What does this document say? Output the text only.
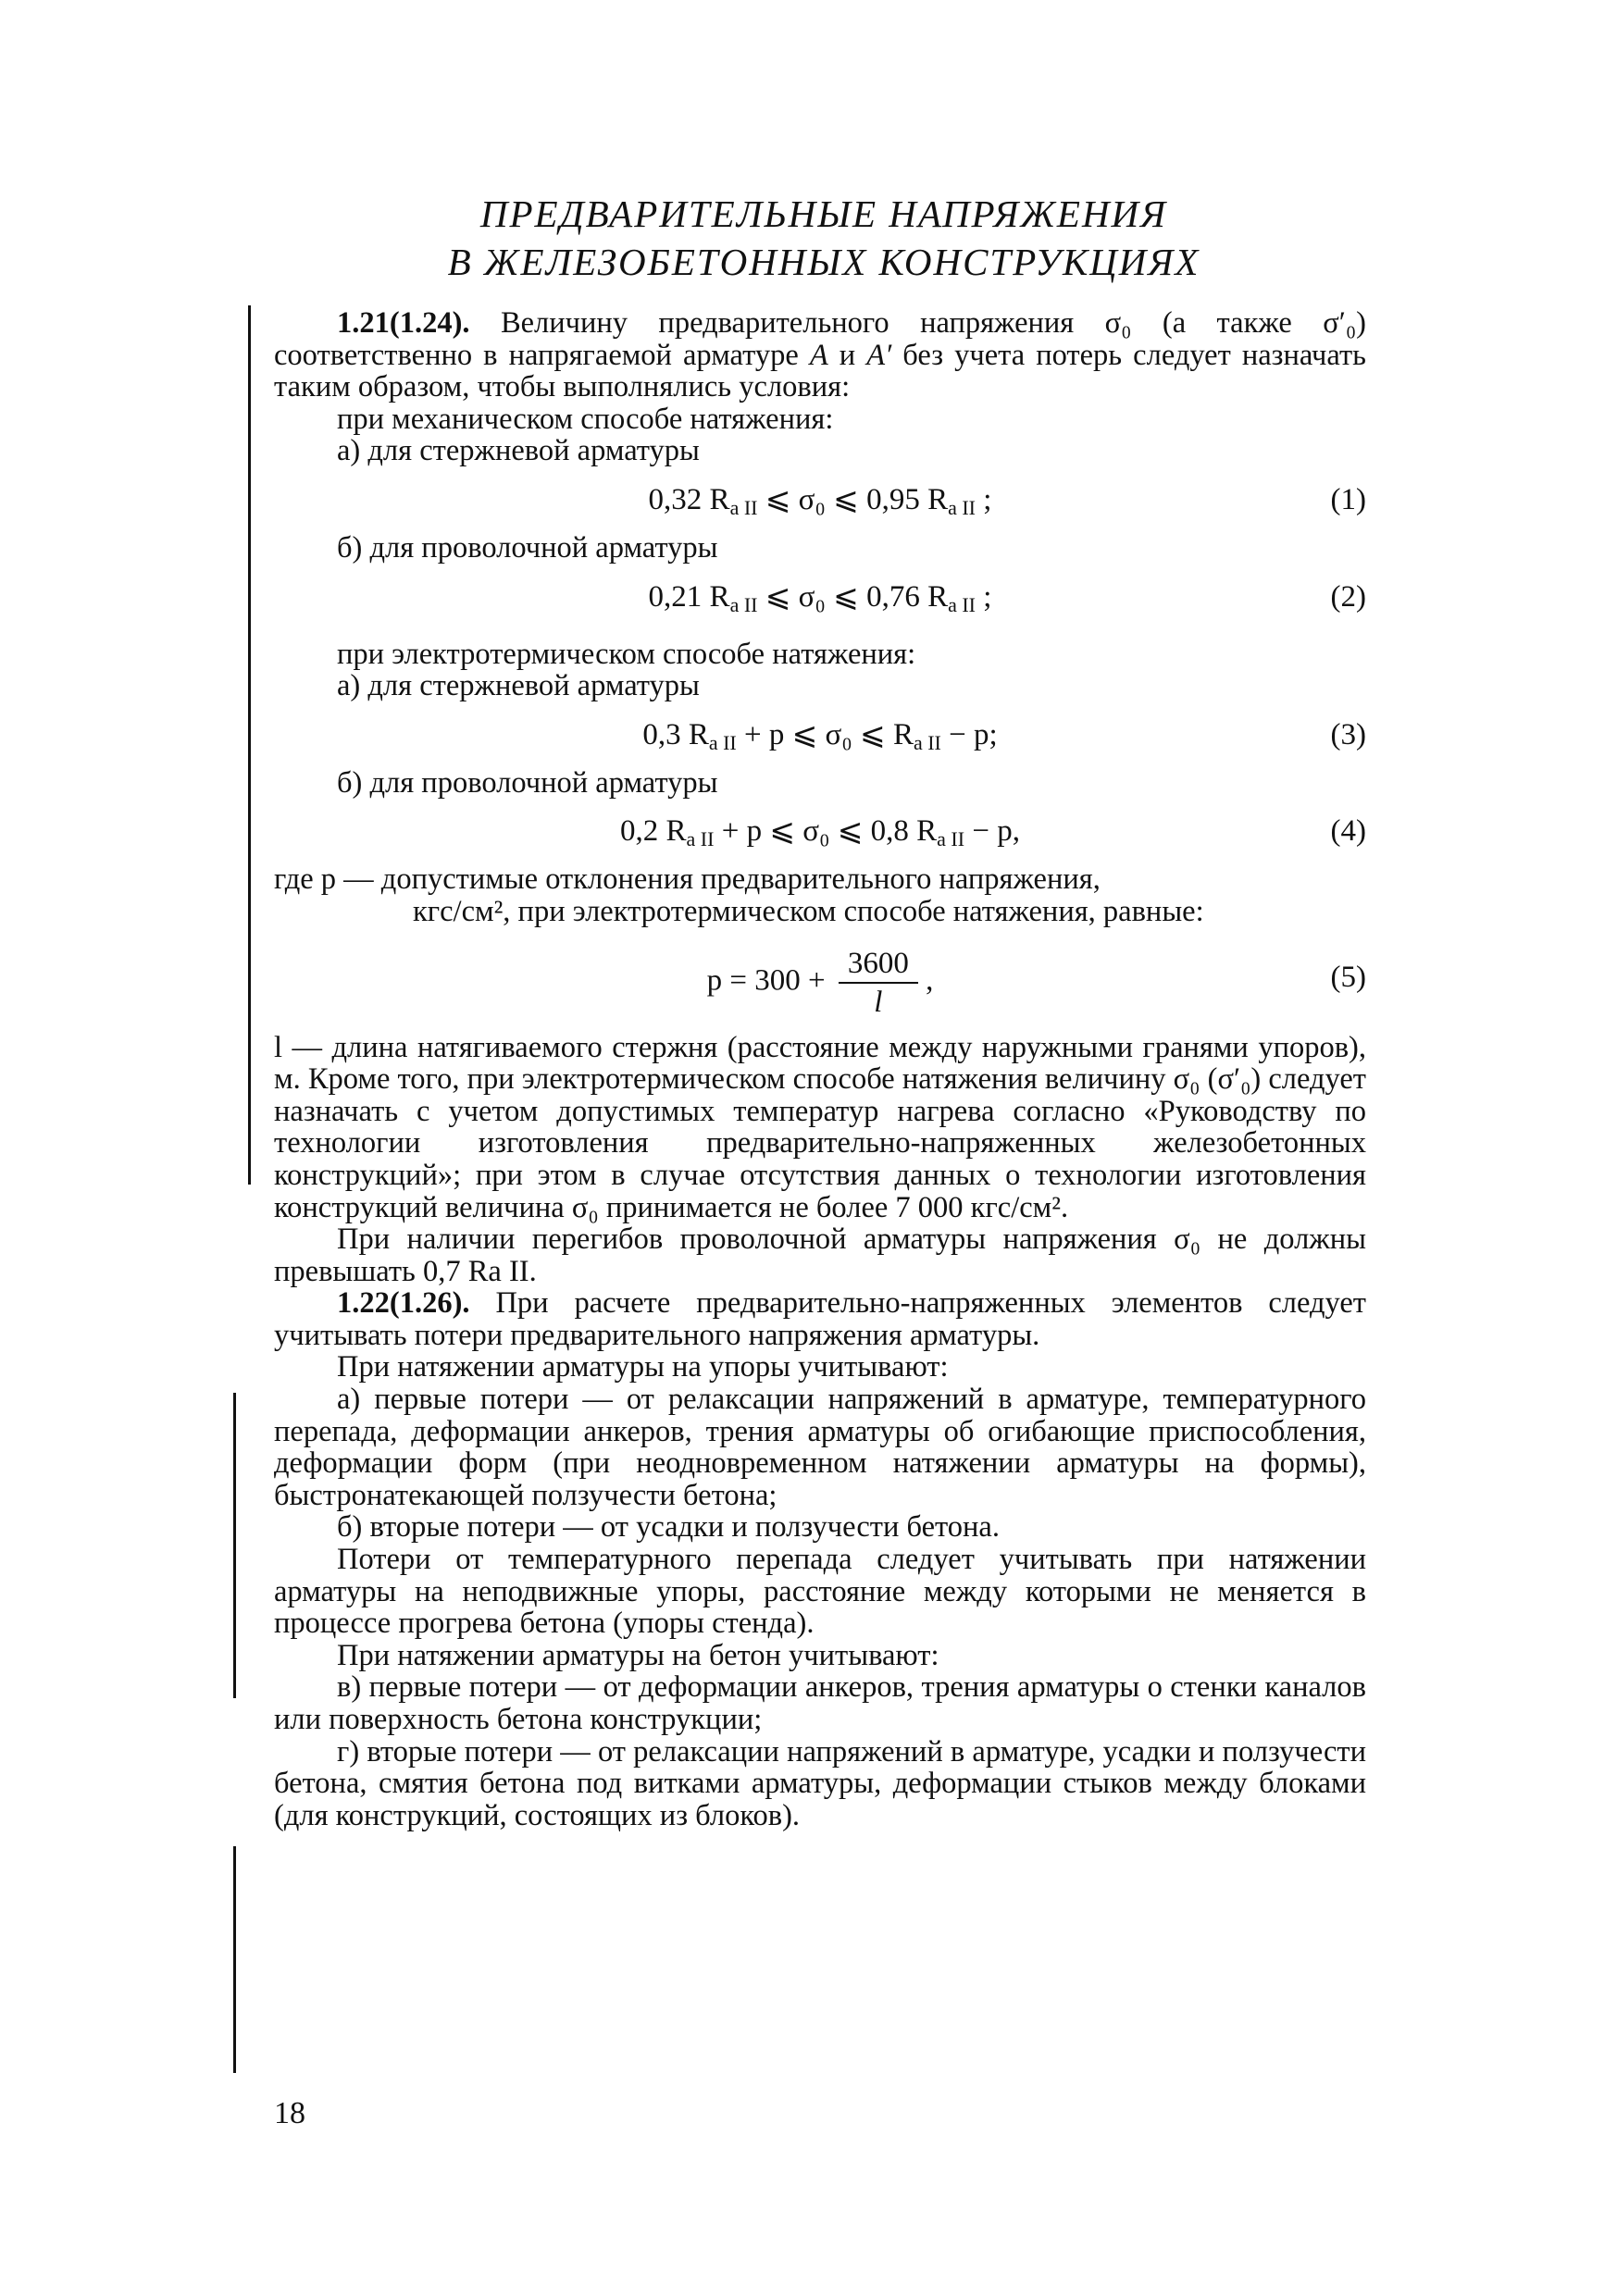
ПРЕДВАРИТЕЛЬНЫЕ НАПРЯЖЕНИЯ
В ЖЕЛЕЗОБЕТОННЫХ КОНСТРУКЦИЯХ

1.21(1.24). Величину предварительного напряжения σ₀ (а также σ′₀) соответственно в напрягаемой арматуре A и A′ без учета потерь следует назначать таким образом, чтобы выполнялись условия:

при механическом способе натяжения:

а) для стержневой арматуры

0,32 $R_{а II}$ ⩽ σ₀ ⩽ 0,95 $R_{а II}$ ;	(1)

б) для проволочной арматуры

0,21 $R_{а II}$ ⩽ σ₀ ⩽ 0,76 $R_{а II}$ ;	(2)

при электротермическом способе натяжения:

а) для стержневой арматуры

0,3 $R_{а II} + p$ ⩽ σ₀ ⩽ $R_{а II} - p$;	(3)

б) для проволочной арматуры

0,2 $R_{а II} + p$ ⩽ σ₀ ⩽ 0,8 $R_{а II} - p$,	(4)

где p — допустимые отклонения предварительного напряжения,

кгс/см², при электротермическом способе натяжения, равные:

$p = 300 + \frac{3600}{l}$ ,	(5)

l — длина натягиваемого стержня (расстояние между наружными гранями упоров), м. Кроме того, при электротермическом способе натяжения величину σ₀ (σ′₀) следует назначать с учетом допустимых температур нагрева согласно «Руководству по технологии изготовления предварительно-напряженных железобетонных конструкций»; при этом в случае отсутствия данных о технологии изготовления конструкций величина σ₀ принимается не более 7 000 кгс/см².

При наличии перегибов проволочной арматуры напряжения σ₀ не должны превышать 0,7 Rа II.

1.22(1.26). При расчете предварительно-напряженных элементов следует учитывать потери предварительного напряжения арматуры.

При натяжении арматуры на упоры учитывают:

а) первые потери — от релаксации напряжений в арматуре, температурного перепада, деформации анкеров, трения арматуры об огибающие приспособления, деформации форм (при неодновременном натяжении арматуры на формы), быстронатекающей ползучести бетона;

б) вторые потери — от усадки и ползучести бетона.

Потери от температурного перепада следует учитывать при натяжении арматуры на неподвижные упоры, расстояние между которыми не меняется в процессе прогрева бетона (упоры стенда).

При натяжении арматуры на бетон учитывают:

в) первые потери — от деформации анкеров, трения арматуры о стенки каналов или поверхность бетона конструкции;

г) вторые потери — от релаксации напряжений в арматуре, усадки и ползучести бетона, смятия бетона под витками арматуры, деформации стыков между блоками (для конструкций, состоящих из блоков).

18
